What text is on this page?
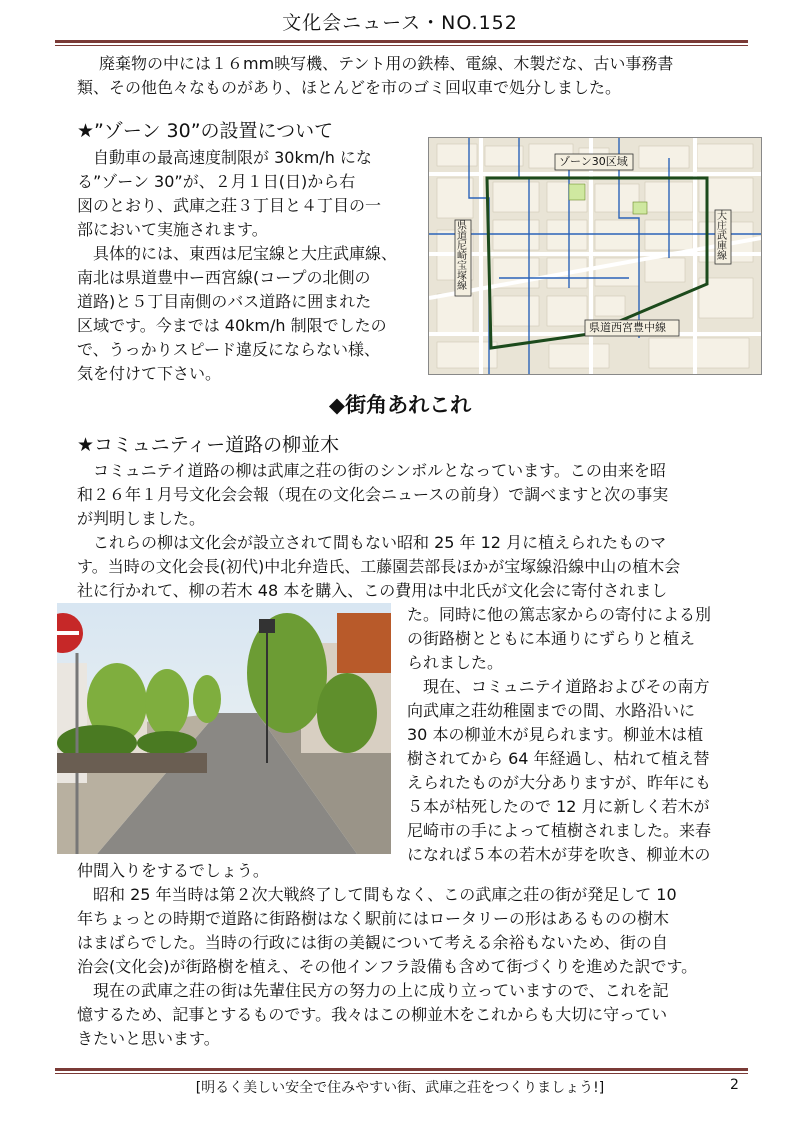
文化会ニュース・NO.152

廃棄物の中には１６mm映写機、テント用の鉄棒、電線、木製だな、古い事務書

類、その他色々なものがあり、ほとんどを市のゴミ回収車で処分しました。

★”ゾーン 30”の設置について

自動車の最高速度制限が 30km/h にな

る”ゾーン 30”が、２月１日(日)から右

図のとおり、武庫之荘３丁目と４丁目の一

部において実施されます。

具体的には、東西は尼宝線と大庄武庫線、

南北は県道豊中ー西宮線(コープの北側の

道路)と５丁目南側のバス道路に囲まれた

区域です。今までは 40km/h 制限でしたの

で、うっかりスピード違反にならない様、

気を付けて下さい。

ゾーン30区域
県道尼崎宝塚線
大庄武庫線
県道西宮豊中線
◆街角あれこれ
★コミュニティー道路の柳並木

コミュニテイ道路の柳は武庫之荘の街のシンボルとなっています。この由来を昭

和２６年１月号文化会会報（現在の文化会ニュースの前身）で調べますと次の事実

が判明しました。

これらの柳は文化会が設立されて間もない昭和 25 年 12 月に植えられたものマ

す。当時の文化会長(初代)中北弁造氏、工藤園芸部長ほかが宝塚線沿線中山の植木会

社に行かれて、柳の若木 48 本を購入、この費用は中北氏が文化会に寄付されまし

た。同時に他の篤志家からの寄付による別

の街路樹とともに本通りにずらりと植え

られました。

現在、コミュニテイ道路およびその南方

向武庫之荘幼稚園までの間、水路沿いに

30 本の柳並木が見られます。柳並木は植

樹されてから 64 年経過し、枯れて植え替

えられたものが大分ありますが、昨年にも

５本が枯死したので 12 月に新しく若木が

尼崎市の手によって植樹されました。来春

になれば５本の若木が芽を吹き、柳並木の

仲間入りをするでしょう。

昭和 25 年当時は第２次大戦終了して間もなく、この武庫之荘の街が発足して 10

年ちょっとの時期で道路に街路樹はなく駅前にはロータリーの形はあるものの樹木

はまばらでした。当時の行政には街の美観について考える余裕もないため、街の自

治会(文化会)が街路樹を植え、その他インフラ設備も含めて街づくりを進めた訳です。

現在の武庫之荘の街は先輩住民方の努力の上に成り立っていますので、これを記

憶するため、記事とするものです。我々はこの柳並木をこれからも大切に守ってい

きたいと思います。

[明るく美しい安全で住みやすい街、武庫之荘をつくりましょう!]	2
